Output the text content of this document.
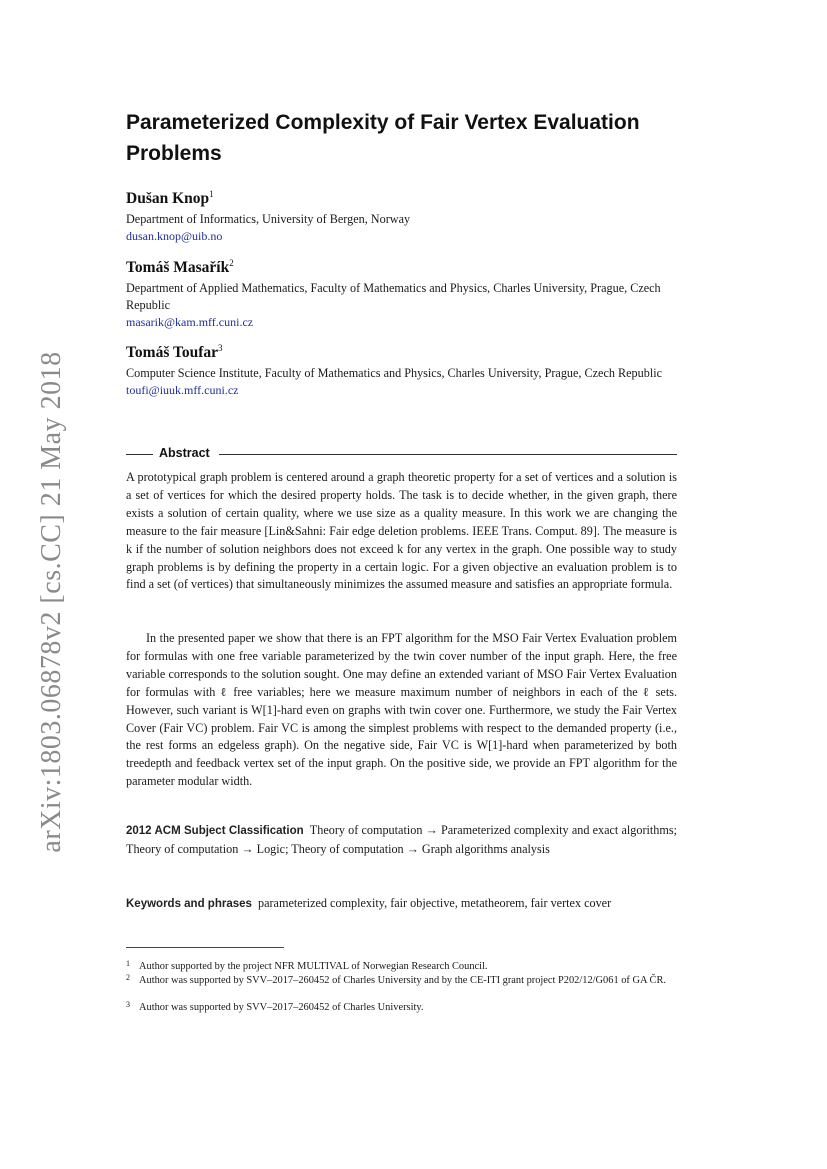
arXiv:1803.06878v2 [cs.CC] 21 May 2018
Parameterized Complexity of Fair Vertex Evaluation Problems
Dušan Knop$^1$
Department of Informatics, University of Bergen, Norway
dusan.knop@uib.no
Tomáš Masařík$^2$
Department of Applied Mathematics, Faculty of Mathematics and Physics, Charles University, Prague, Czech Republic
masarik@kam.mff.cuni.cz
Tomáš Toufar$^3$
Computer Science Institute, Faculty of Mathematics and Physics, Charles University, Prague, Czech Republic
toufi@iuuk.mff.cuni.cz
Abstract

A prototypical graph problem is centered around a graph theoretic property for a set of vertices and a solution is a set of vertices for which the desired property holds. The task is to decide whether, in the given graph, there exists a solution of certain quality, where we use size as a quality measure. In this work we are changing the measure to the fair measure [Lin&Sahni: Fair edge deletion problems. IEEE Trans. Comput. 89]. The measure is k if the number of solution neighbors does not exceed k for any vertex in the graph. One possible way to study graph problems is by defining the property in a certain logic. For a given objective an evaluation problem is to find a set (of vertices) that simultaneously minimizes the assumed measure and satisfies an appropriate formula.

In the presented paper we show that there is an FPT algorithm for the MSO Fair Vertex Evaluation problem for formulas with one free variable parameterized by the twin cover number of the input graph. Here, the free variable corresponds to the solution sought. One may define an extended variant of MSO Fair Vertex Evaluation for formulas with ℓ free variables; here we measure maximum number of neighbors in each of the ℓ sets. However, such variant is W[1]-hard even on graphs with twin cover one. Furthermore, we study the Fair Vertex Cover (Fair VC) problem. Fair VC is among the simplest problems with respect to the demanded property (i.e., the rest forms an edgeless graph). On the negative side, Fair VC is W[1]-hard when parameterized by both treedepth and feedback vertex set of the input graph. On the positive side, we provide an FPT algorithm for the parameter modular width.

2012 ACM Subject Classification Theory of computation → Parameterized complexity and exact algorithms; Theory of computation → Logic; Theory of computation → Graph algorithms analysis

Keywords and phrases parameterized complexity, fair objective, metatheorem, fair vertex cover

1 Author supported by the project NFR MULTIVAL of Norwegian Research Council.
2 Author was supported by SVV–2017–260452 of Charles University and by the CE-ITI grant project P202/12/G061 of GA ČR.
3 Author was supported by SVV–2017–260452 of Charles University.
